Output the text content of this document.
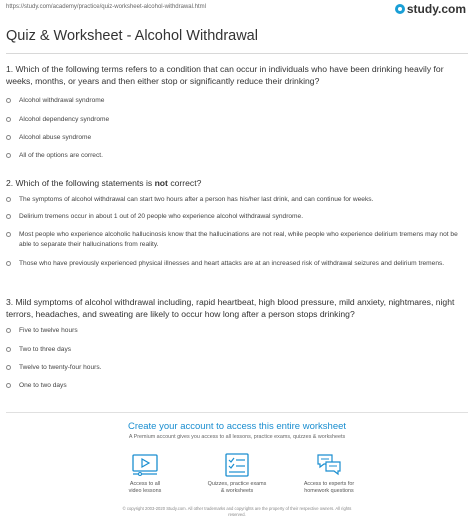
https://study.com/academy/practice/quiz-worksheet-alcohol-withdrawal.html	study.com
Quiz & Worksheet - Alcohol Withdrawal
1. Which of the following terms refers to a condition that can occur in individuals who have been drinking heavily for weeks, months, or years and then either stop or significantly reduce their drinking?
Alcohol withdrawal syndrome
Alcohol dependency syndrome
Alcohol abuse syndrome
All of the options are correct.
2. Which of the following statements is not correct?
The symptoms of alcohol withdrawal can start two hours after a person has his/her last drink, and can continue for weeks.
Delirium tremens occur in about 1 out of 20 people who experience alcohol withdrawal syndrome.
Most people who experience alcoholic hallucinosis know that the hallucinations are not real, while people who experience delirium tremens may not be able to separate their hallucinations from reality.
Those who have previously experienced physical illnesses and heart attacks are at an increased risk of withdrawal seizures and delirium tremens.
3. Mild symptoms of alcohol withdrawal including, rapid heartbeat, high blood pressure, mild anxiety, nightmares, night terrors, headaches, and sweating are likely to occur how long after a person stops drinking?
Five to twelve hours
Two to three days
Twelve to twenty-four hours.
One to two days
Create your account to access this entire worksheet
A Premium account gives you access to all lessons, practice exams, quizzes & worksheets
Access to all
video lessons
Quizzes, practice exams
& worksheets
Access to experts for
homework questions
© copyright 2003-2020 Study.com. All other trademarks and copyrights are the property of their respective owners. All rights
reserved.
